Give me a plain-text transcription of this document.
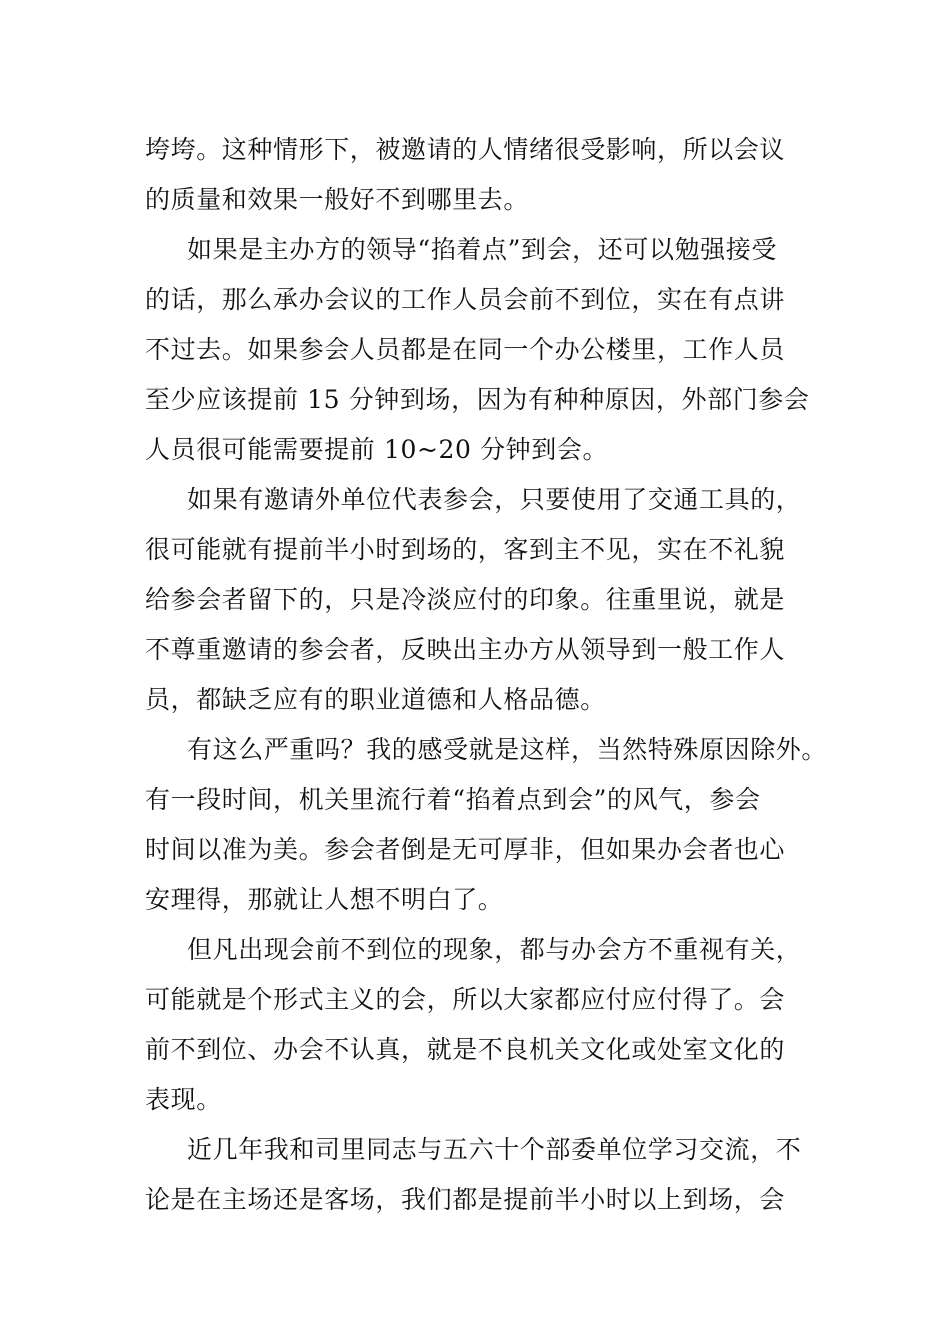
垮垮。这种情形下，被邀请的人情绪很受影响，所以会议
的质量和效果一般好不到哪里去。
如果是主办方的领导“掐着点”到会，还可以勉强接受
的话，那么承办会议的工作人员会前不到位，实在有点讲
不过去。如果参会人员都是在同一个办公楼里，工作人员
至少应该提前 15 分钟到场，因为有种种原因，外部门参会
人员很可能需要提前 10~20 分钟到会。
如果有邀请外单位代表参会，只要使用了交通工具的，
很可能就有提前半小时到场的，客到主不见，实在不礼貌
给参会者留下的，只是冷淡应付的印象。往重里说，就是
不尊重邀请的参会者，反映出主办方从领导到一般工作人
员，都缺乏应有的职业道德和人格品德。
有这么严重吗？我的感受就是这样，当然特殊原因除外。
有一段时间，机关里流行着“掐着点到会”的风气，参会
时间以准为美。参会者倒是无可厚非，但如果办会者也心
安理得，那就让人想不明白了。
但凡出现会前不到位的现象，都与办会方不重视有关，
可能就是个形式主义的会，所以大家都应付应付得了。会
前不到位、办会不认真，就是不良机关文化或处室文化的
表现。
近几年我和司里同志与五六十个部委单位学习交流，不
论是在主场还是客场，我们都是提前半小时以上到场，会
